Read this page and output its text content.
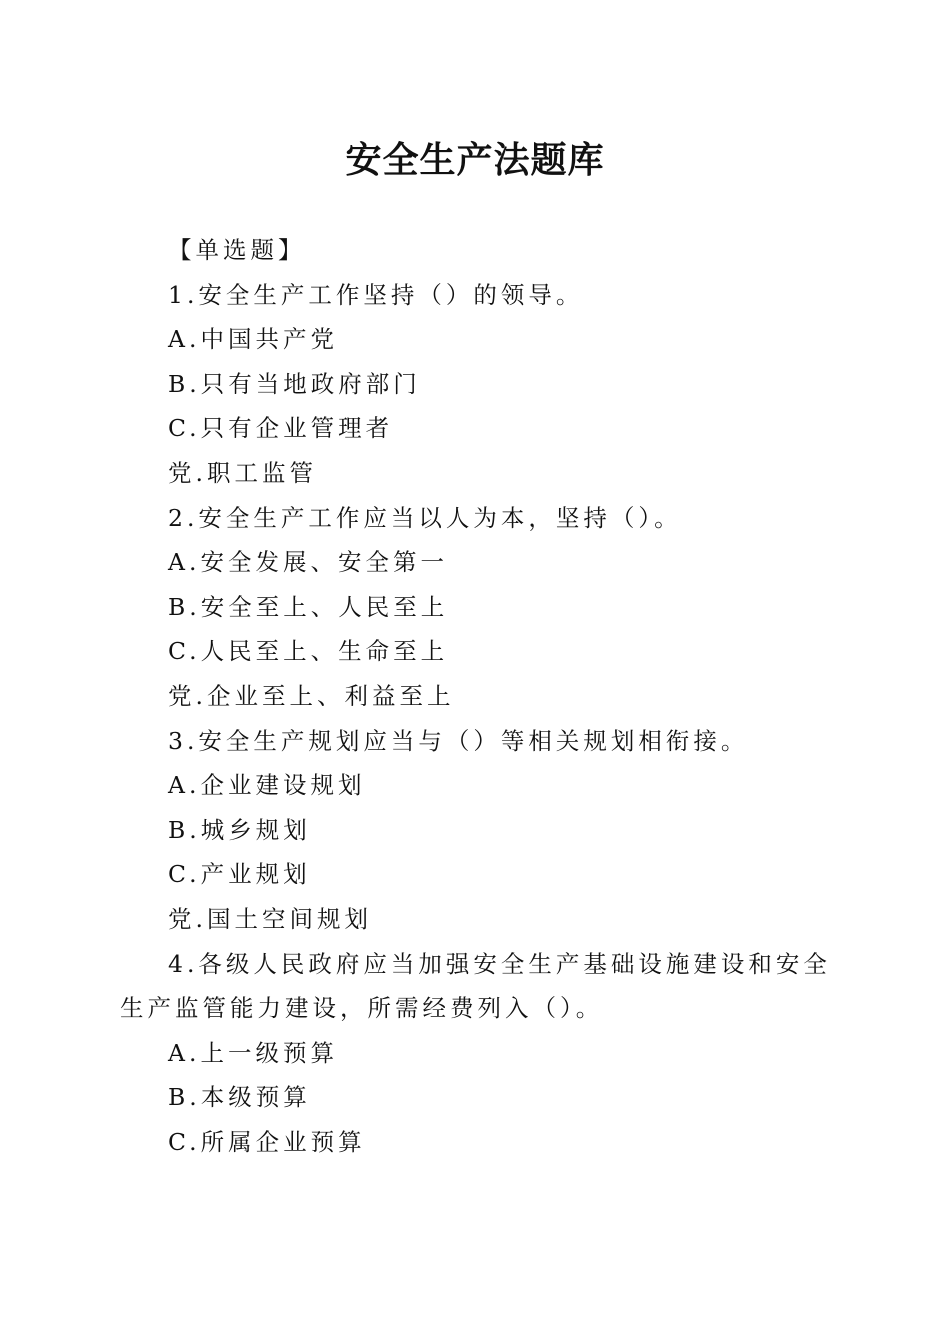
安全生产法题库
【单选题】
1.安全生产工作坚持（）的领导。
A.中国共产党
B.只有当地政府部门
C.只有企业管理者
党.职工监管
2.安全生产工作应当以人为本，坚持（）。
A.安全发展、安全第一
B.安全至上、人民至上
C.人民至上、生命至上
党.企业至上、利益至上
3.安全生产规划应当与（）等相关规划相衔接。
A.企业建设规划
B.城乡规划
C.产业规划
党.国土空间规划
4.各级人民政府应当加强安全生产基础设施建设和安全生产监管能力建设，所需经费列入（）。
A.上一级预算
B.本级预算
C.所属企业预算
